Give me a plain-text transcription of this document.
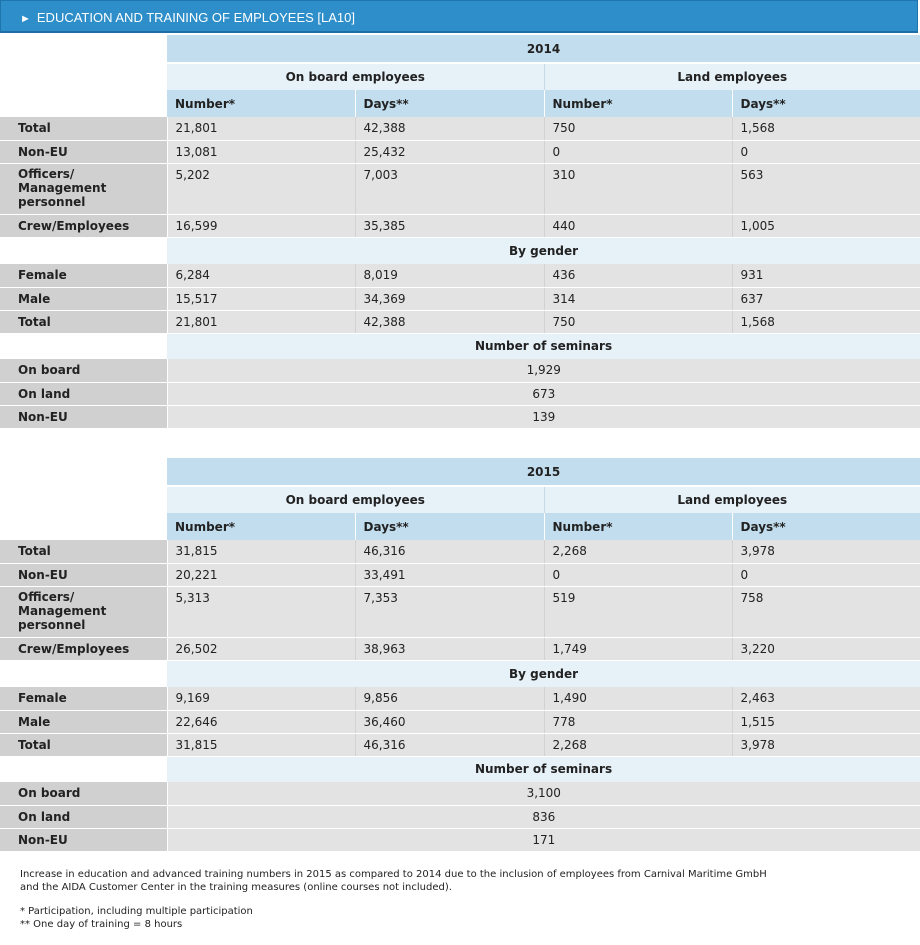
► EDUCATION AND TRAINING OF EMPLOYEES [LA10]
	2014			
	On board employees		Land employees	
	Number*	Days**	Number*	Days**
Total	21,801	42,388	750	1,568
Non-EU	13,081	25,432	0	0
Officers/ Management personnel	5,202	7,003	310	563
Crew/Employees	16,599	35,385	440	1,005
	By gender			
Female	6,284	8,019	436	931
Male	15,517	34,369	314	637
Total	21,801	42,388	750	1,568
	Number of seminars			
On board	1,929			
On land	673			
Non-EU	139			
	2015			
	On board employees		Land employees	
	Number*	Days**	Number*	Days**
Total	31,815	46,316	2,268	3,978
Non-EU	20,221	33,491	0	0
Officers/ Management personnel	5,313	7,353	519	758
Crew/Employees	26,502	38,963	1,749	3,220
	By gender			
Female	9,169	9,856	1,490	2,463
Male	22,646	36,460	778	1,515
Total	31,815	46,316	2,268	3,978
	Number of seminars			
On board	3,100			
On land	836			
Non-EU	171			

Increase in education and advanced training numbers in 2015 as compared to 2014 due to the inclusion of employees from Carnival Maritime GmbH

and the AIDA Customer Center in the training measures (online courses not included).

* Participation, including multiple participation

** One day of training = 8 hours
